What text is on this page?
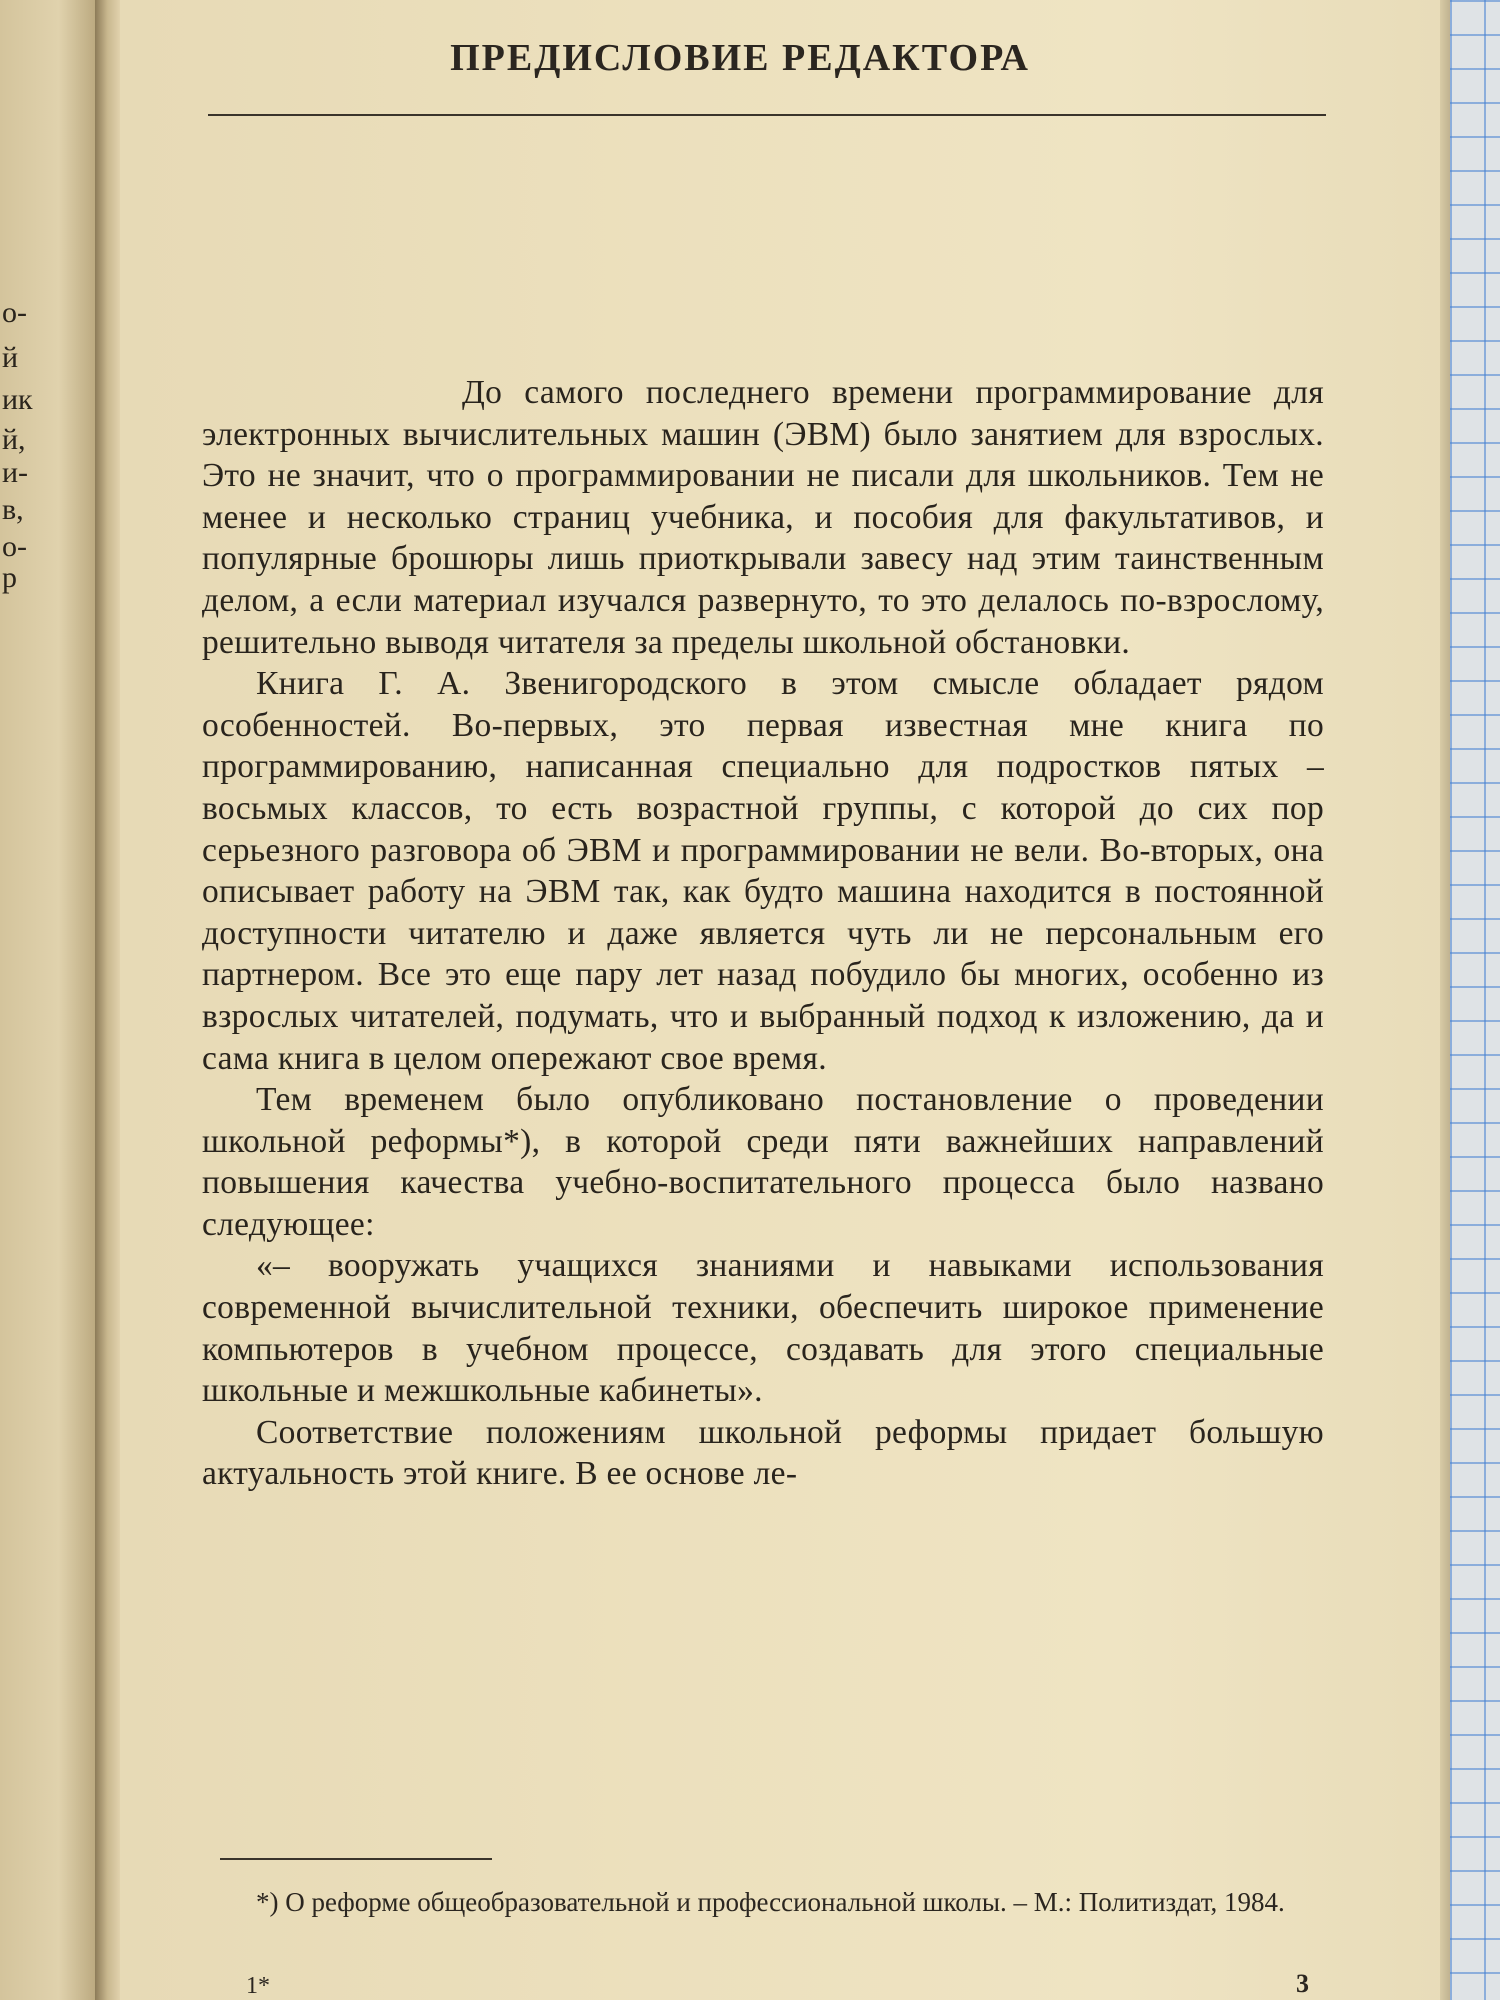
о-
й
ик
й,
и-
в,
о-
р
ПРЕДИСЛОВИЕ РЕДАКТОРА

До самого последнего времени программирование для электронных вычислительных машин (ЭВМ) было занятием для взрослых. Это не значит, что о программировании не писали для школьников. Тем не менее и несколько страниц учебника, и пособия для факультативов, и популярные брошюры лишь приоткрывали завесу над этим таинственным делом, а если материал изучался развернуто, то это делалось по-взрослому, решительно выводя читателя за пределы школьной обстановки.

Книга Г. А. Звенигородского в этом смысле обладает рядом особенностей. Во-первых, это первая известная мне книга по программированию, написанная специально для подростков пятых – восьмых классов, то есть возрастной группы, с которой до сих пор серьезного разговора об ЭВМ и программировании не вели. Во-вторых, она описывает работу на ЭВМ так, как будто машина находится в постоянной доступности читателю и даже является чуть ли не персональным его партнером. Все это еще пару лет назад побудило бы многих, особенно из взрослых читателей, подумать, что и выбранный подход к изложению, да и сама книга в целом опережают свое время.

Тем временем было опубликовано постановление о проведении школьной реформы*), в которой среди пяти важнейших направлений повышения качества учебно-воспитательного процесса было названо следующее:

«– вооружать учащихся знаниями и навыками использования современной вычислительной техники, обеспечить широкое применение компьютеров в учебном процессе, создавать для этого специальные школьные и межшкольные кабинеты».

Соответствие положениям школьной реформы придает большую актуальность этой книге. В ее основе ле-

*) О реформе общеобразовательной и профессиональной школы. – М.: Политиздат, 1984.

1*	3
